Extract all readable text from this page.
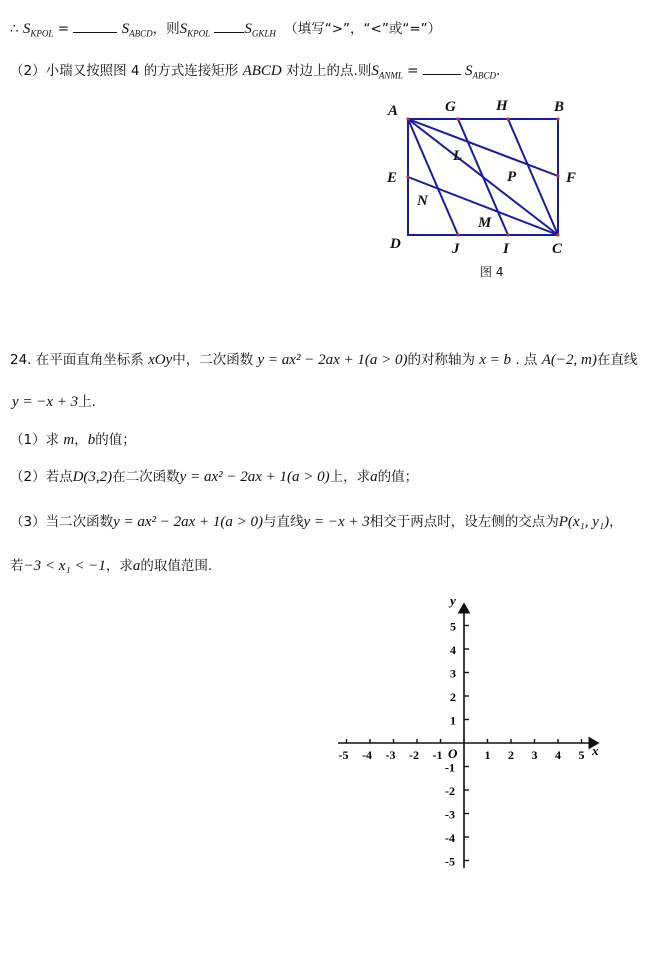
∴ $S_{KPOL}$ =	$S_{ABCD}$，则$S_{KPOL}$ $S_{GKLH}$ （填写“>”，“<”或“=”）
（2）小瑞又按照图 4 的方式连接矩形 ABCD 对边上的点.则$S_{ANML}$ =	$S_{ABCD}$.
A	G	H	B
E
L
P	F
N
M
D	J	I	C
图 4
24. 在平面直角坐标系 xOy中，二次函数 y = ax² − 2ax + 1(a > 0)的对称轴为 x = b . 点 A(−2, m)在直线
y = −x + 3上.
（1）求 m，b的值；
（2）若点D(3,2)在二次函数y = ax² − 2ax + 1(a > 0)上，求a的值；
（3）当二次函数y = ax² − 2ax + 1(a > 0)与直线y = −x + 3相交于两点时，设左侧的交点为P(x₁, y₁)，
若−3 < x₁ < −1，求a的取值范围.
-5 -4 -3 -2 -1	1 2 3 4 5
5
4
3
2
1
-1
-2
-3
-4
-5
x
y
O
